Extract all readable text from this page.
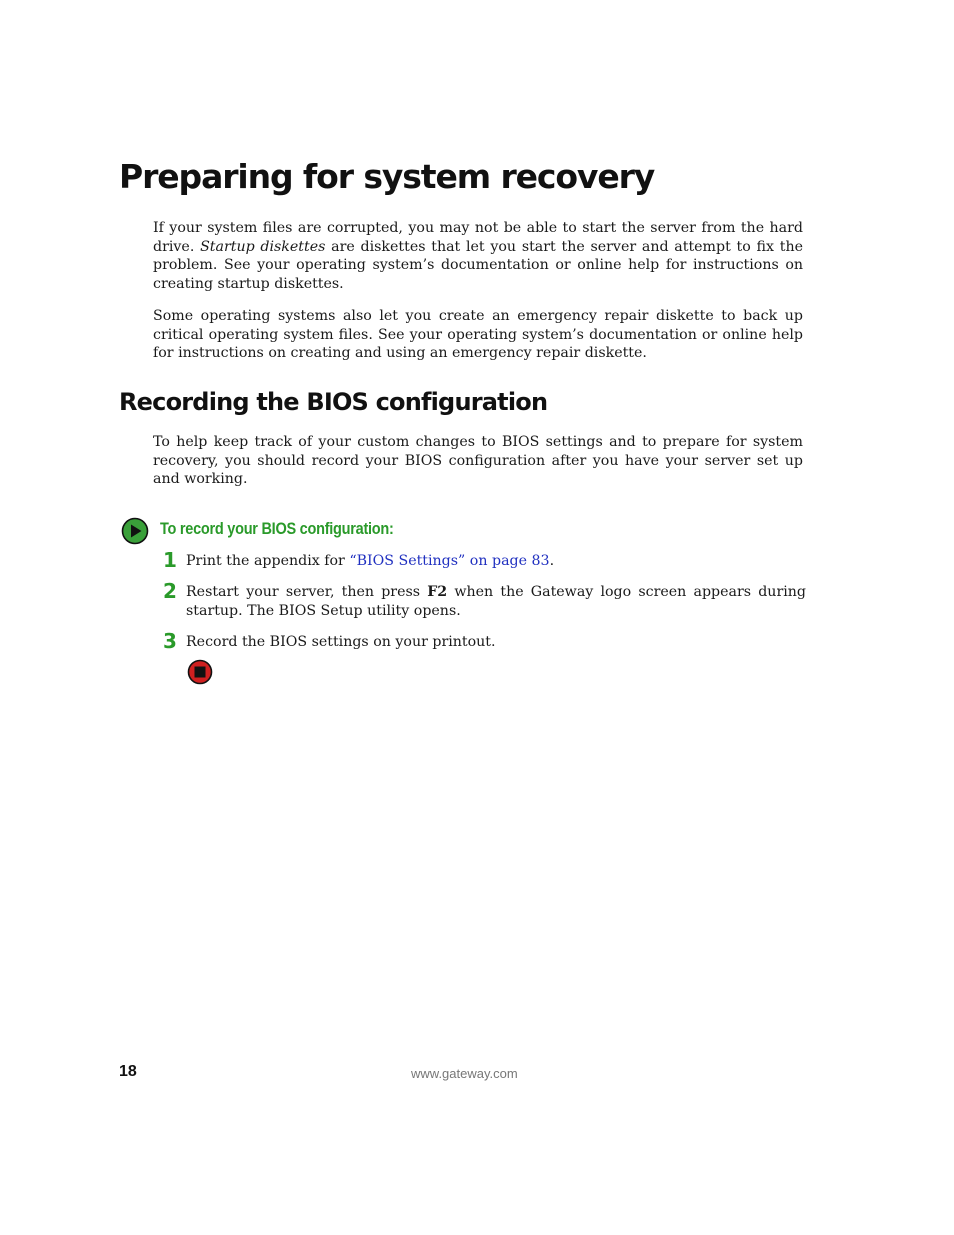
Preparing for system recovery

If your system files are corrupted, you may not be able to start the server from the hard drive. Startup diskettes are diskettes that let you start the server and attempt to fix the problem. See your operating system’s documentation or online help for instructions on creating startup diskettes.

Some operating systems also let you create an emergency repair diskette to back up critical operating system files. See your operating system’s documentation or online help for instructions on creating and using an emergency repair diskette.

Recording the BIOS configuration

To help keep track of your custom changes to BIOS settings and to prepare for system recovery, you should record your BIOS configuration after you have your server set up and working.

To record your BIOS configuration:
1 Print the appendix for “BIOS Settings” on page 83.
2 Restart your server, then press F2 when the Gateway logo screen appears during startup. The BIOS Setup utility opens.
3 Record the BIOS settings on your printout.
18	www.gateway.com
